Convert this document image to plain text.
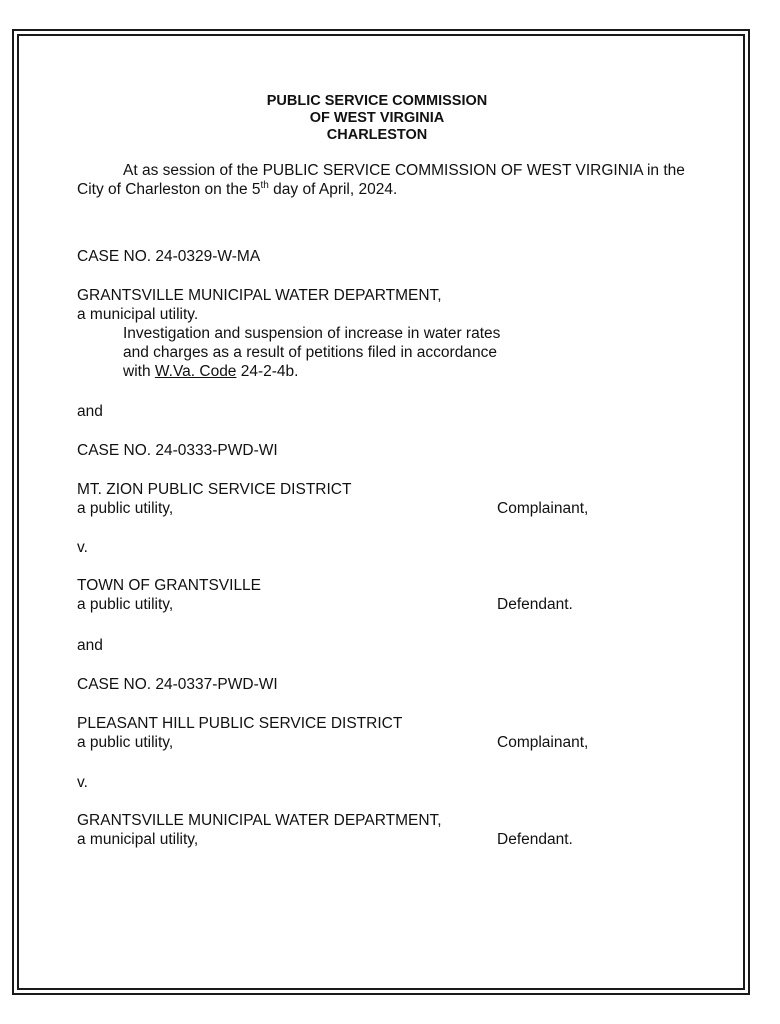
PUBLIC SERVICE COMMISSION
OF WEST VIRGINIA
CHARLESTON
At as session of the PUBLIC SERVICE COMMISSION OF WEST VIRGINIA in the City of Charleston on the 5th day of April, 2024.
CASE NO. 24-0329-W-MA
GRANTSVILLE MUNICIPAL WATER DEPARTMENT,
a municipal utility.
Investigation and suspension of increase in water rates
and charges as a result of petitions filed in accordance
with W.Va. Code 24-2-4b.
and
CASE NO. 24-0333-PWD-WI
MT. ZION PUBLIC SERVICE DISTRICT
a public utility,	Complainant,
v.
TOWN OF GRANTSVILLE
a public utility,	Defendant.
and
CASE NO. 24-0337-PWD-WI
PLEASANT HILL PUBLIC SERVICE DISTRICT
a public utility,	Complainant,
v.
GRANTSVILLE MUNICIPAL WATER DEPARTMENT,
a municipal utility,	Defendant.
